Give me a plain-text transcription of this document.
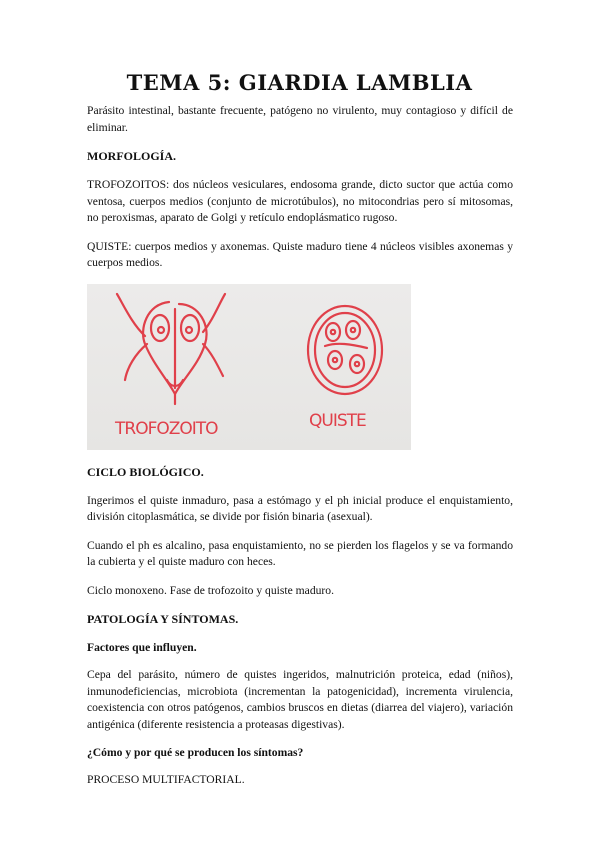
TEMA 5: GIARDIA LAMBLIA

Parásito intestinal, bastante frecuente, patógeno no virulento, muy contagioso y difícil de eliminar.

MORFOLOGÍA.

TROFOZOITOS: dos núcleos vesiculares, endosoma grande, dicto suctor que actúa como ventosa, cuerpos medios (conjunto de microtúbulos), no mitocondrias pero sí mitosomas, no peroxismas, aparato de Golgi y retículo endoplásmatico rugoso.

QUISTE: cuerpos medios y axonemas. Quiste maduro tiene 4 núcleos visibles axonemas y cuerpos medios.

TROFOZOITO	QUISTE
CICLO BIOLÓGICO.

Ingerimos el quiste inmaduro, pasa a estómago y el ph inicial produce el enquistamiento, división citoplasmática, se divide por fisión binaria (asexual).

Cuando el ph es alcalino, pasa enquistamiento, no se pierden los flagelos y se va formando la cubierta y el quiste maduro con heces.

Ciclo monoxeno. Fase de trofozoito y quiste maduro.

PATOLOGÍA Y SÍNTOMAS.
Factores que influyen.

Cepa del parásito, número de quistes ingeridos, malnutrición proteica, edad (niños), inmunodeficiencias, microbiota (incrementan la patogenicidad), incrementa virulencia, coexistencia con otros patógenos, cambios bruscos en dietas (diarrea del viajero), variación antigénica (diferente resistencia a proteasas digestivas).

¿Cómo y por qué se producen los síntomas?

PROCESO MULTIFACTORIAL.
